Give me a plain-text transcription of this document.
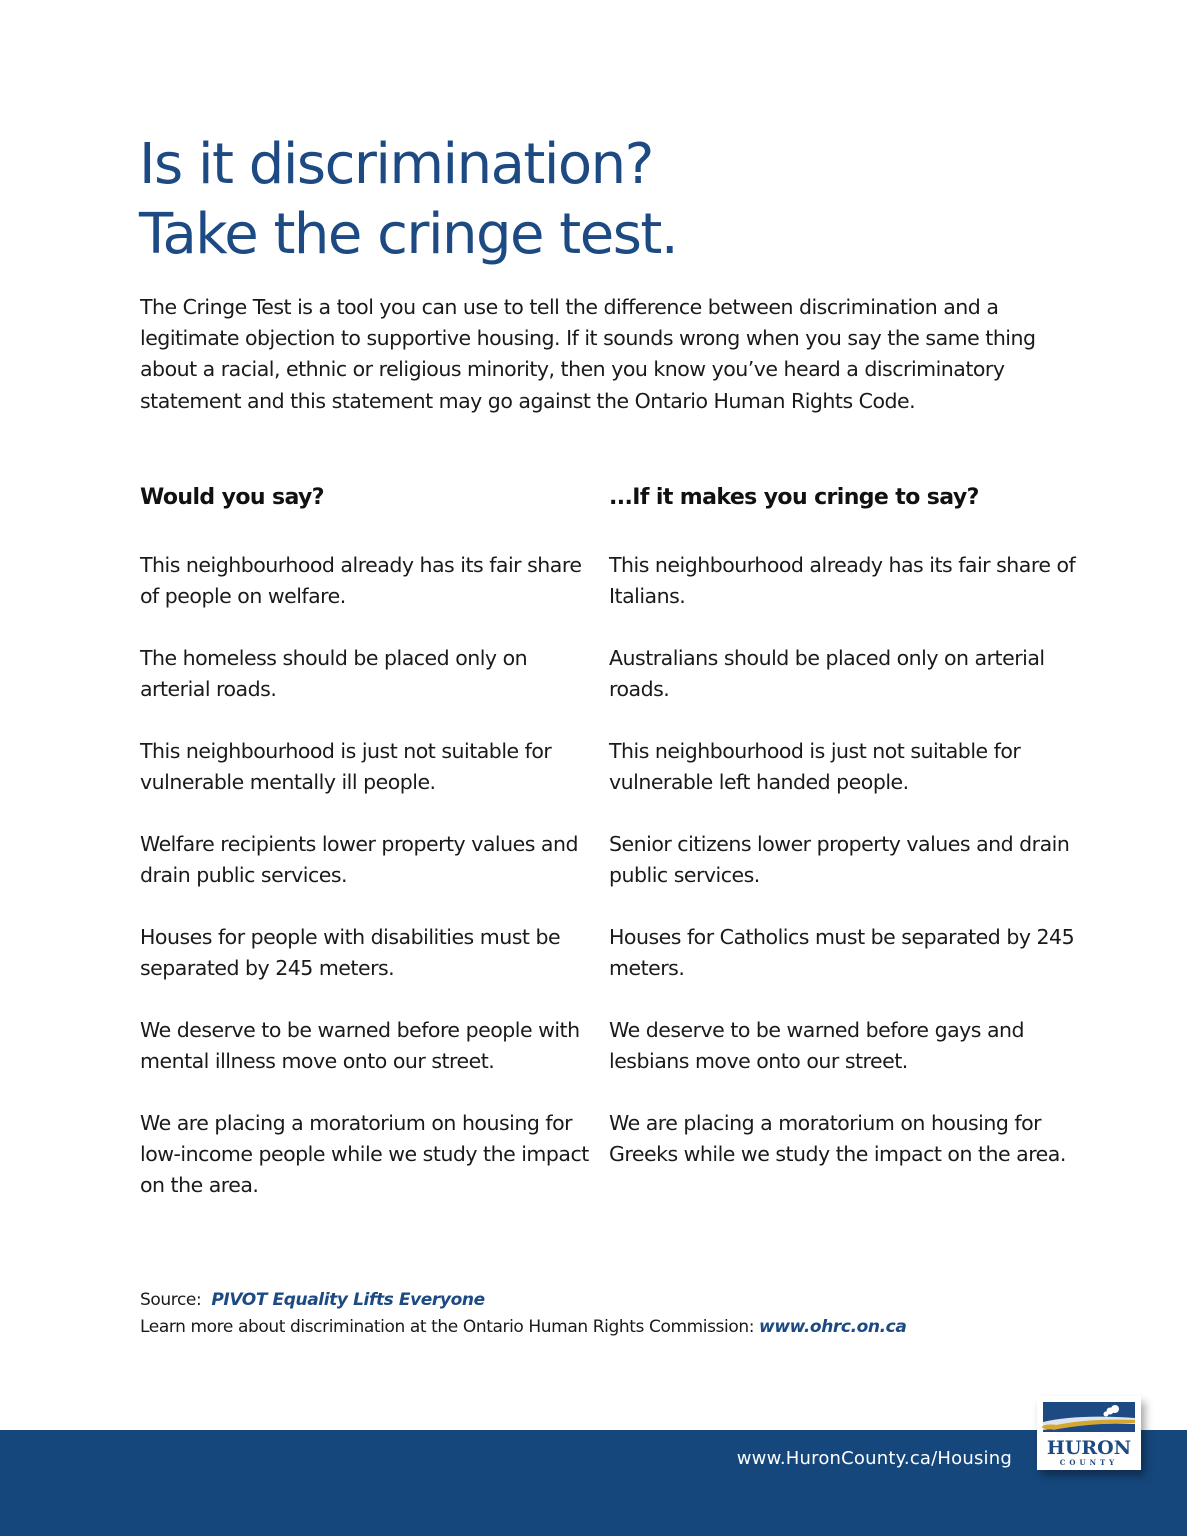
Is it discrimination?
Take the cringe test.

The Cringe Test is a tool you can use to tell the difference between discrimination and a legitimate objection to supportive housing. If it sounds wrong when you say the same thing about a racial, ethnic or religious minority, then you know you’ve heard a discriminatory statement and this statement may go against the Ontario Human Rights Code.

Would you say?	...If it makes you cringe to say?
This neighbourhood already has its fair share of people on welfare.
This neighbourhood already has its fair share of Italians.
The homeless should be placed only on arterial roads.
Australians should be placed only on arterial roads.
This neighbourhood is just not suitable for vulnerable mentally ill people.
This neighbourhood is just not suitable for vulnerable left handed people.
Welfare recipients lower property values and drain public services.
Senior citizens lower property values and drain public services.
Houses for people with disabilities must be separated by 245 meters.
Houses for Catholics must be separated by 245 meters.
We deserve to be warned before people with mental illness move onto our street.
We deserve to be warned before gays and lesbians move onto our street.
We are placing a moratorium on housing for low-income people while we study the impact on the area.
We are placing a moratorium on housing for Greeks while we study the impact on the area.
Source: PIVOT Equality Lifts Everyone
Learn more about discrimination at the Ontario Human Rights Commission: www.ohrc.on.ca
www.HuronCounty.ca/Housing HURON
COUNTY
